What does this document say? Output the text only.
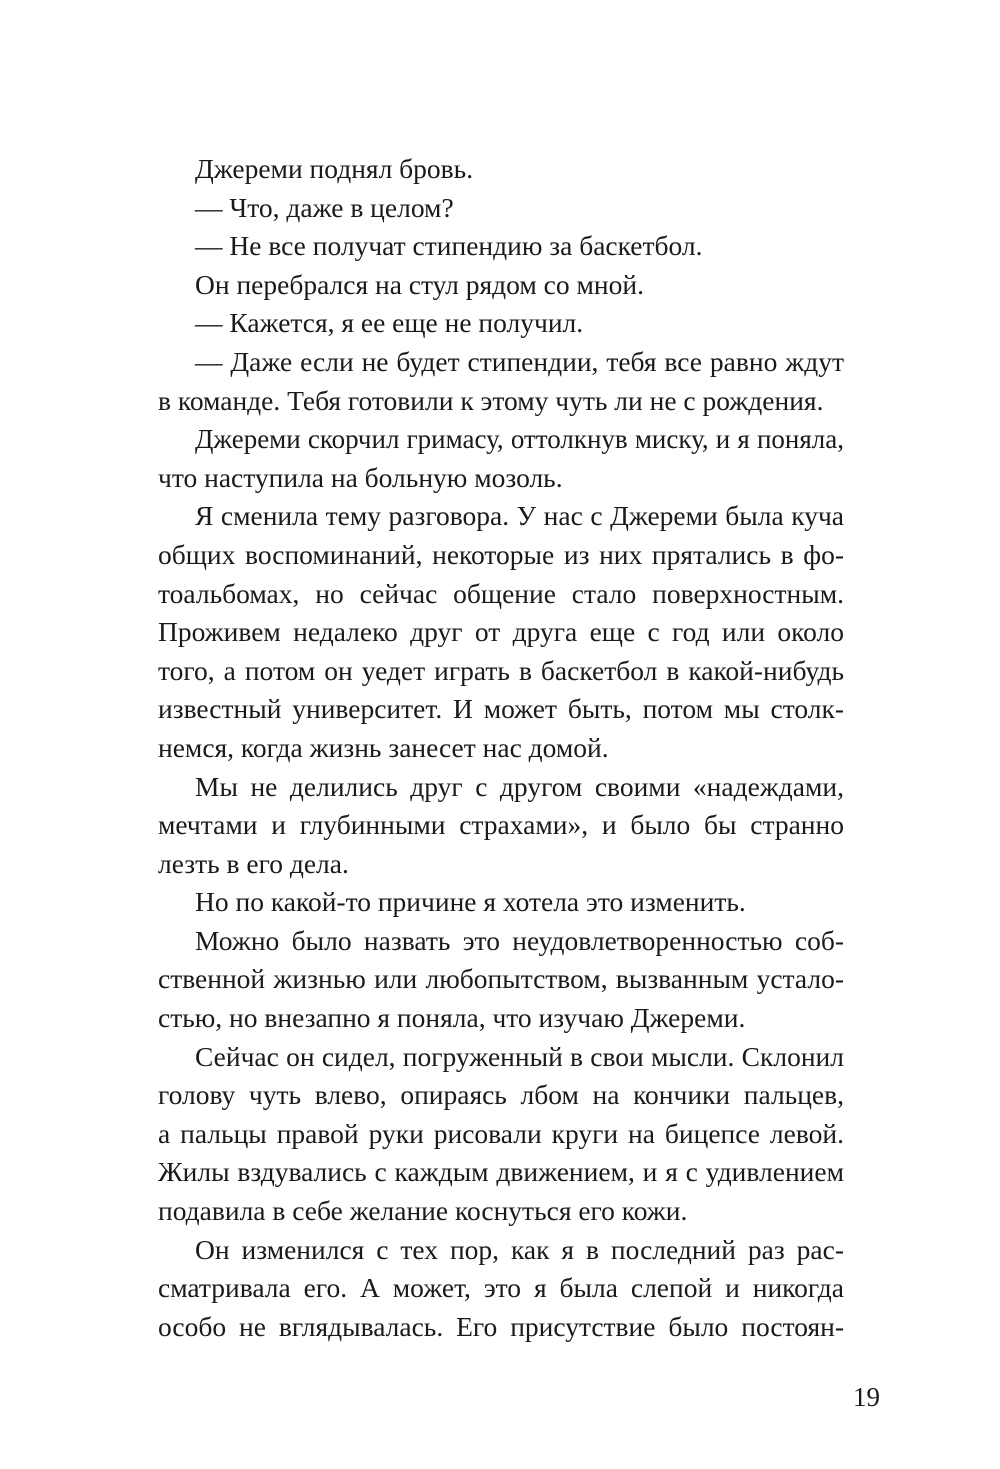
Джереми поднял бровь.
— Что, даже в целом?
— Не все получат стипендию за баскетбол.
Он перебрался на стул рядом со мной.
— Кажется, я ее еще не получил.
— Даже если не будет стипендии, тебя все равно ждут
в команде. Тебя готовили к этому чуть ли не с рождения.
Джереми скорчил гримасу, оттолкнув миску, и я поняла,
что наступила на больную мозоль.
Я сменила тему разговора. У нас с Джереми была куча
общих воспоминаний, некоторые из них прятались в фо-
тоальбомах, но сейчас общение стало поверхностным.
Проживем недалеко друг от друга еще с год или около
того, а потом он уедет играть в баскетбол в какой-нибудь
известный университет. И может быть, потом мы столк-
немся, когда жизнь занесет нас домой.
Мы не делились друг с другом своими «надеждами,
мечтами и глубинными страхами», и было бы странно
лезть в его дела.
Но по какой-то причине я хотела это изменить.
Можно было назвать это неудовлетворенностью соб-
ственной жизнью или любопытством, вызванным устало-
стью, но внезапно я поняла, что изучаю Джереми.
Сейчас он сидел, погруженный в свои мысли. Склонил
голову чуть влево, опираясь лбом на кончики пальцев,
а пальцы правой руки рисовали круги на бицепсе левой.
Жилы вздувались с каждым движением, и я с удивлением
подавила в себе желание коснуться его кожи.
Он изменился с тех пор, как я в последний раз рас-
сматривала его. А может, это я была слепой и никогда
особо не вглядывалась. Его присутствие было постоян-
19
